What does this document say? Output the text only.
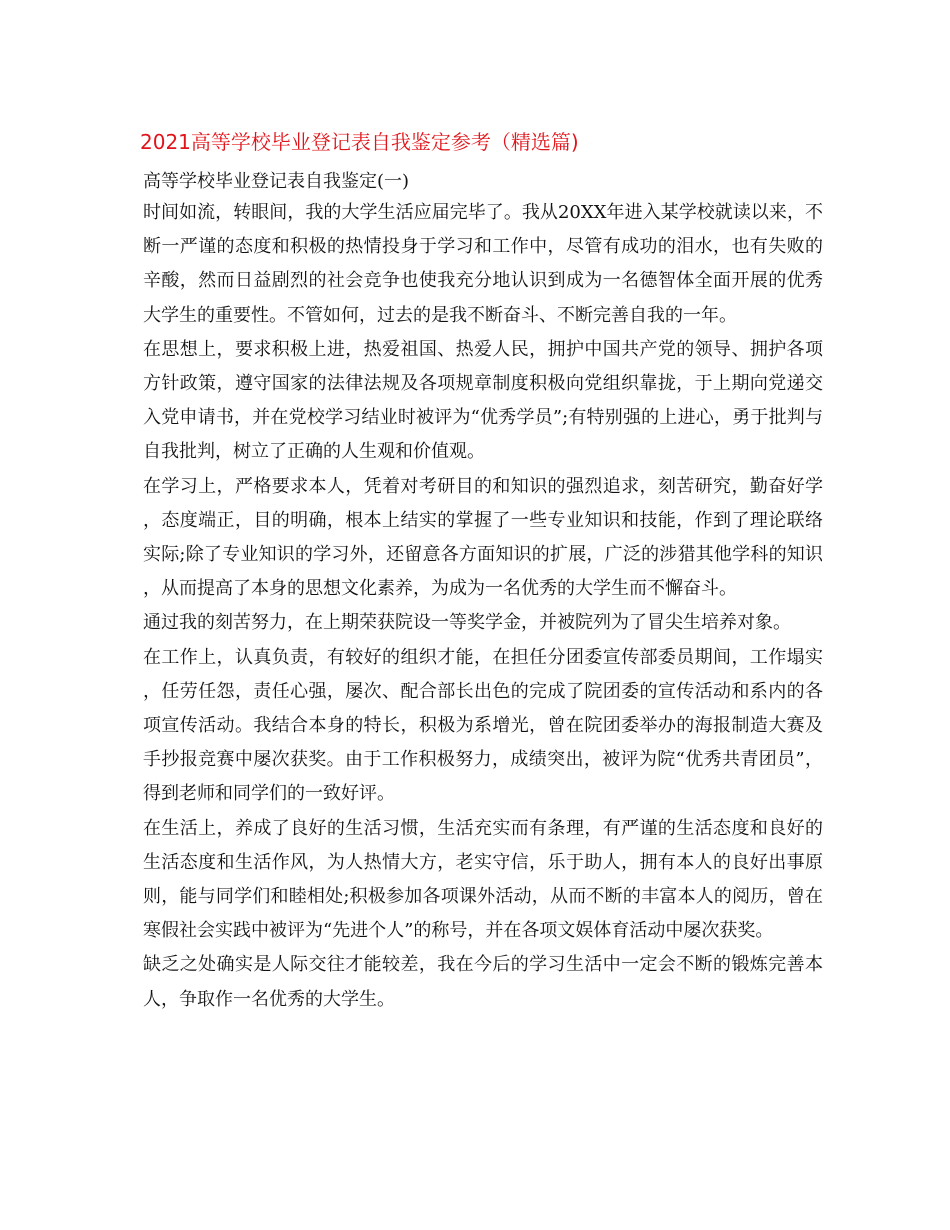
2021高等学校毕业登记表自我鉴定参考（精选篇)
高等学校毕业登记表自我鉴定(一)

时间如流，转眼间，我的大学生活应届完毕了。我从20XX年进入某学校就读以来，不断一严谨的态度和积极的热情投身于学习和工作中，尽管有成功的泪水，也有失败的辛酸，然而日益剧烈的社会竞争也使我充分地认识到成为一名德智体全面开展的优秀大学生的重要性。不管如何，过去的是我不断奋斗、不断完善自我的一年。

在思想上，要求积极上进，热爱祖国、热爱人民，拥护中国共产党的领导、拥护各项方针政策，遵守国家的法律法规及各项规章制度积极向党组织靠拢，于上期向党递交入党申请书，并在党校学习结业时被评为“优秀学员”;有特别强的上进心，勇于批判与自我批判，树立了正确的人生观和价值观。

在学习上，严格要求本人，凭着对考研目的和知识的强烈追求，刻苦研究，勤奋好学，态度端正，目的明确，根本上结实的掌握了一些专业知识和技能，作到了理论联络实际;除了专业知识的学习外，还留意各方面知识的扩展，广泛的涉猎其他学科的知识，从而提高了本身的思想文化素养，为成为一名优秀的大学生而不懈奋斗。

通过我的刻苦努力，在上期荣获院设一等奖学金，并被院列为了冒尖生培养对象。

在工作上，认真负责，有较好的组织才能，在担任分团委宣传部委员期间，工作塌实，任劳任怨，责任心强，屡次、配合部长出色的完成了院团委的宣传活动和系内的各项宣传活动。我结合本身的特长，积极为系增光，曾在院团委举办的海报制造大赛及手抄报竞赛中屡次获奖。由于工作积极努力，成绩突出，被评为院“优秀共青团员”，得到老师和同学们的一致好评。

在生活上，养成了良好的生活习惯，生活充实而有条理，有严谨的生活态度和良好的生活态度和生活作风，为人热情大方，老实守信，乐于助人，拥有本人的良好出事原则，能与同学们和睦相处;积极参加各项课外活动，从而不断的丰富本人的阅历，曾在寒假社会实践中被评为“先进个人”的称号，并在各项文娱体育活动中屡次获奖。

缺乏之处确实是人际交往才能较差，我在今后的学习生活中一定会不断的锻炼完善本人，争取作一名优秀的大学生。
